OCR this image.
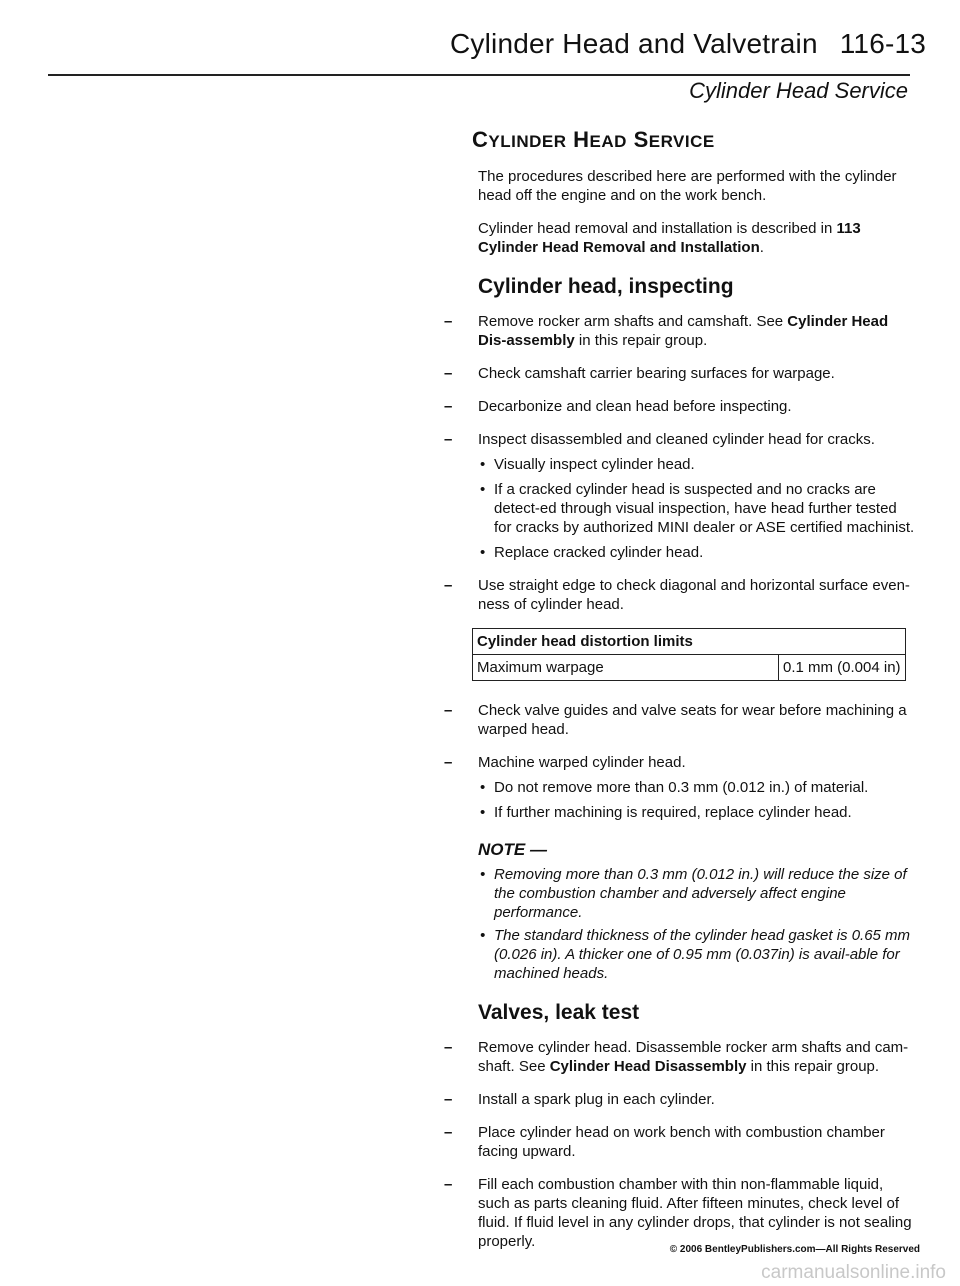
Cylinder Head and Valvetrain 116-13
Cylinder Head Service
CYLINDER HEAD SERVICE

The procedures described here are performed with the cylinder head off the engine and on the work bench.

Cylinder head removal and installation is described in 113 Cylinder Head Removal and Installation.

Cylinder head, inspecting
– Remove rocker arm shafts and camshaft. See Cylinder Head Dis-assembly in this repair group.
– Check camshaft carrier bearing surfaces for warpage.
– Decarbonize and clean head before inspecting.
– Inspect disassembled and cleaned cylinder head for cracks.
• Visually inspect cylinder head.
• If a cracked cylinder head is suspected and no cracks are detect-ed through visual inspection, have head further tested for cracks by authorized MINI dealer or ASE certified machinist.
• Replace cracked cylinder head.
– Use straight edge to check diagonal and horizontal surface even-ness of cylinder head.
Cylinder head distortion limits
Maximum warpage	0.1 mm (0.004 in)
– Check valve guides and valve seats for wear before machining a warped head.
– Machine warped cylinder head.
• Do not remove more than 0.3 mm (0.012 in.) of material.
• If further machining is required, replace cylinder head.
NOTE —
• Removing more than 0.3 mm (0.012 in.) will reduce the size of the combustion chamber and adversely affect engine performance.
• The standard thickness of the cylinder head gasket is 0.65 mm (0.026 in). A thicker one of 0.95 mm (0.037in) is avail-able for machined heads.
Valves, leak test
– Remove cylinder head. Disassemble rocker arm shafts and cam-shaft. See Cylinder Head Disassembly in this repair group.
– Install a spark plug in each cylinder.
– Place cylinder head on work bench with combustion chamber facing upward.
– Fill each combustion chamber with thin non-flammable liquid, such as parts cleaning fluid. After fifteen minutes, check level of fluid. If fluid level in any cylinder drops, that cylinder is not sealing properly.	© 2006 BentleyPublishers.com—All Rights Reserved
carmanualsonline.info
